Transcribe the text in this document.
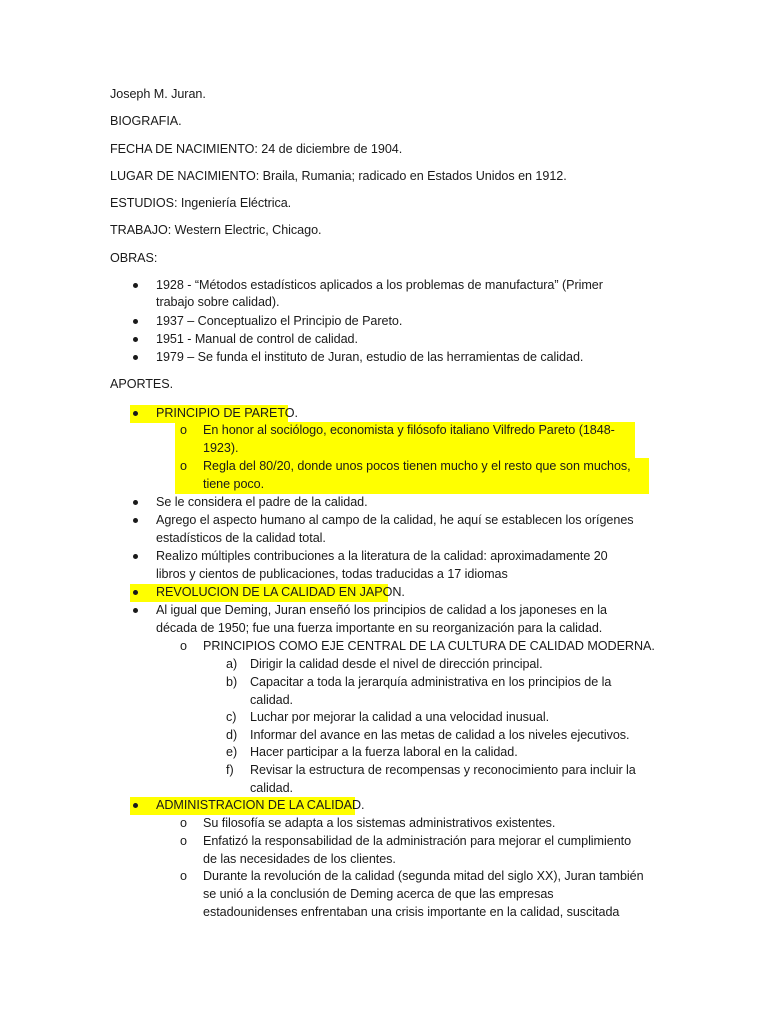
Joseph M. Juran.
BIOGRAFIA.
FECHA DE NACIMIENTO: 24 de diciembre de 1904.
LUGAR DE NACIMIENTO: Braila, Rumania; radicado en Estados Unidos en 1912.
ESTUDIOS: Ingeniería Eléctrica.
TRABAJO: Western Electric, Chicago.
OBRAS:
1928 - “Métodos estadísticos aplicados a los problemas de manufactura” (Primer
trabajo sobre calidad).
1937 – Conceptualizo el Principio de Pareto.
1951 - Manual de control de calidad.
1979 – Se funda el instituto de Juran, estudio de las herramientas de calidad.
APORTES.
PRINCIPIO DE PARETO.
o En honor al sociólogo, economista y filósofo italiano Vilfredo Pareto (1848-
1923).
o Regla del 80/20, donde unos pocos tienen mucho y el resto que son muchos,
tiene poco.
Se le considera el padre de la calidad.
Agrego el aspecto humano al campo de la calidad, he aquí se establecen los orígenes
estadísticos de la calidad total.
Realizo múltiples contribuciones a la literatura de la calidad: aproximadamente 20
libros y cientos de publicaciones, todas traducidas a 17 idiomas
REVOLUCION DE LA CALIDAD EN JAPON.
Al igual que Deming, Juran enseñó los principios de calidad a los japoneses en la
década de 1950; fue una fuerza importante en su reorganización para la calidad.
o PRINCIPIOS COMO EJE CENTRAL DE LA CULTURA DE CALIDAD MODERNA.
a) Dirigir la calidad desde el nivel de dirección principal.
b) Capacitar a toda la jerarquía administrativa en los principios de la
calidad.
c) Luchar por mejorar la calidad a una velocidad inusual.
d) Informar del avance en las metas de calidad a los niveles ejecutivos.
e) Hacer participar a la fuerza laboral en la calidad.
f) Revisar la estructura de recompensas y reconocimiento para incluir la
calidad.
ADMINISTRACION DE LA CALIDAD.
o Su filosofía se adapta a los sistemas administrativos existentes.
o Enfatizó la responsabilidad de la administración para mejorar el cumplimiento
de las necesidades de los clientes.
o Durante la revolución de la calidad (segunda mitad del siglo XX), Juran también
se unió a la conclusión de Deming acerca de que las empresas
estadounidenses enfrentaban una crisis importante en la calidad, suscitada
